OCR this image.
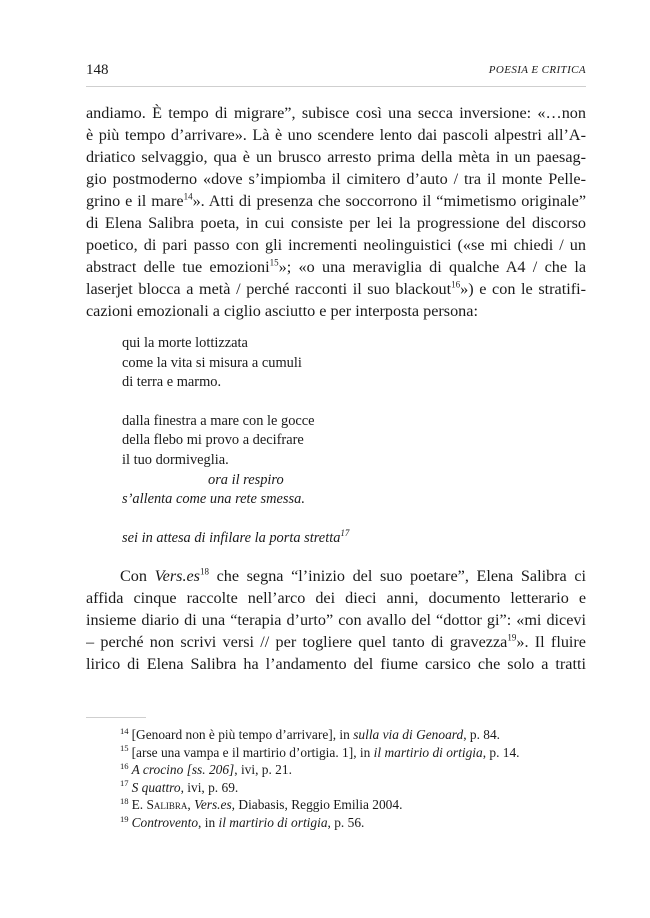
148	POESIA E CRITICA

andiamo. È tempo di migrare”, subisce così una secca inversione: «…non
è più tempo d’arrivare». Là è uno scendere lento dai pascoli alpestri all’A-
driatico selvaggio, qua è un brusco arresto prima della mèta in un paesag-
gio postmoderno «dove s’impiomba il cimitero d’auto / tra il monte Pelle-
grino e il mare$^{14}$». Atti di presenza che soccorrono il “mimetismo originale”
di Elena Salibra poeta, in cui consiste per lei la progressione del discorso
poetico, di pari passo con gli incrementi neolinguistici («se mi chiedi / un
abstract delle tue emozioni$^{15}$»; «o una meraviglia di qualche A4 / che la
laserjet blocca a metà / perché racconti il suo blackout$^{16}$») e con le stratifi-
cazioni emozionali a ciglio asciutto e per interposta persona:

qui la morte lottizzata
come la vita si misura a cumuli
di terra e marmo.
dalla finestra a mare con le gocce
della flebo mi provo a decifrare
il tuo dormiveglia.
ora il respiro
s’allenta come una rete smessa.
sei in attesa di infilare la porta stretta$^{17}$

Con $Vers.es^{18}$ che segna “l’inizio del suo poetare”, Elena Salibra ci
affida cinque raccolte nell’arco dei dieci anni, documento letterario e
insieme diario di una “terapia d’urto” con avallo del “dottor gi”: «mi dicevi
– perché non scrivi versi // per togliere quel tanto di gravezza$^{19}$». Il fluire
lirico di Elena Salibra ha l’andamento del fiume carsico che solo a tratti

$^{14}$ [Genoard non è più tempo d’arrivare], in sulla via di Genoard, p. 84.
$^{15}$ [arse una vampa e il martirio d’ortigia. 1], in il martirio di ortigia, p. 14.
$^{16}$ A crocino [ss. 206], ivi, p. 21.
$^{17}$ S quattro, ivi, p. 69.
$^{18}$ E. Salibra, Vers.es, Diabasis, Reggio Emilia 2004.
$^{19}$ Controvento, in il martirio di ortigia, p. 56.
